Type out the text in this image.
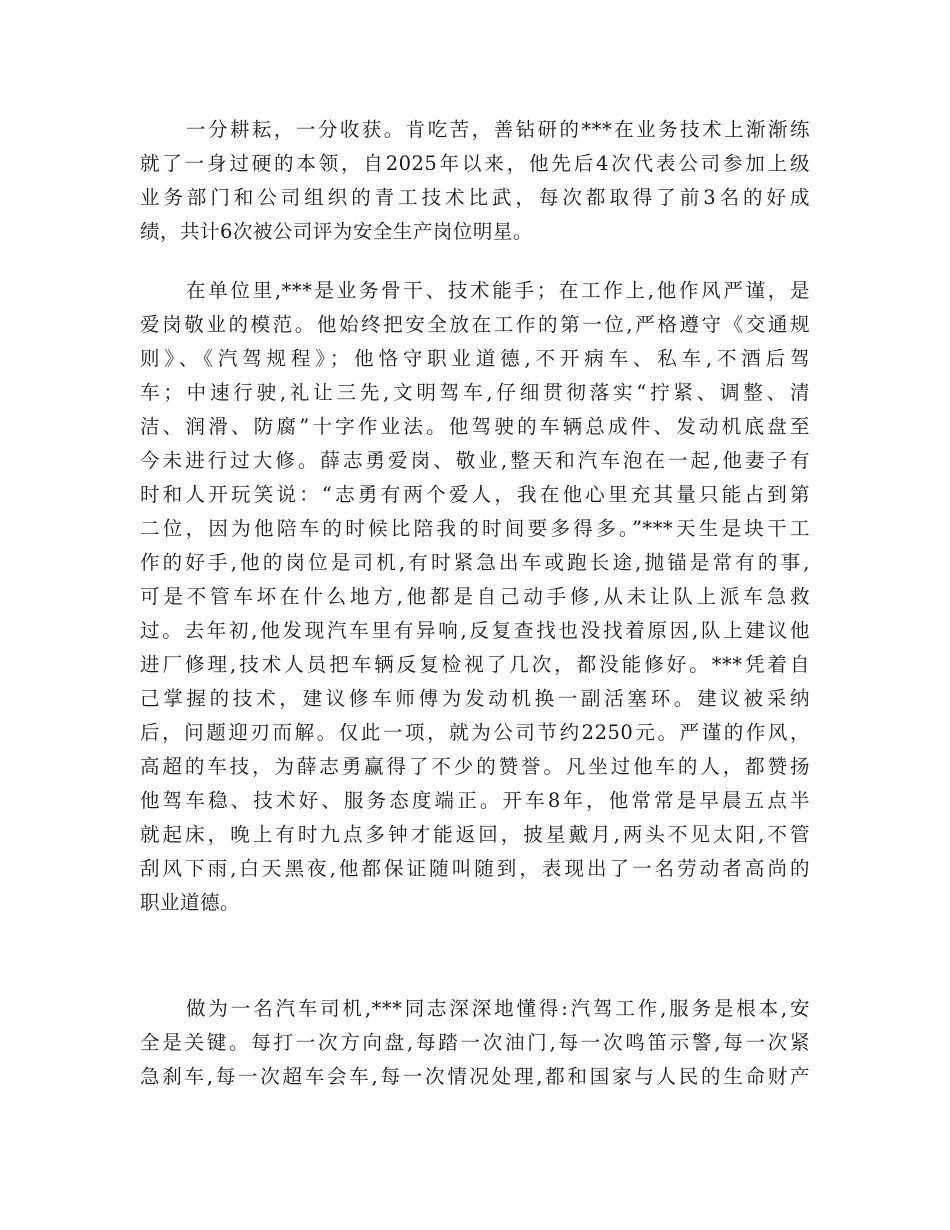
一分耕耘，一分收获。肯吃苦，善钻研的***在业务技术上渐渐练
就了一身过硬的本领，自2025年以来，他先后4次代表公司参加上级
业务部门和公司组织的青工技术比武，每次都取得了前3名的好成
绩，共计6次被公司评为安全生产岗位明星。
在单位里,***是业务骨干、技术能手；在工作上,他作风严谨，是
爱岗敬业的模范。他始终把安全放在工作的第一位,严格遵守《交通规
则》、《汽驾规程》；他恪守职业道德,不开病车、私车,不酒后驾
车；中速行驶,礼让三先,文明驾车,仔细贯彻落实“拧紧、调整、清
洁、润滑、防腐”十字作业法。他驾驶的车辆总成件、发动机底盘至
今未进行过大修。薛志勇爱岗、敬业,整天和汽车泡在一起,他妻子有
时和人开玩笑说：“志勇有两个爱人，我在他心里充其量只能占到第
二位，因为他陪车的时候比陪我的时间要多得多。”***天生是块干工
作的好手,他的岗位是司机,有时紧急出车或跑长途,抛锚是常有的事,
可是不管车坏在什么地方,他都是自己动手修,从未让队上派车急救
过。去年初,他发现汽车里有异响,反复查找也没找着原因,队上建议他
进厂修理,技术人员把车辆反复检视了几次，都没能修好。***凭着自
己掌握的技术，建议修车师傅为发动机换一副活塞环。建议被采纳
后，问题迎刃而解。仅此一项，就为公司节约2250元。严谨的作风，
高超的车技，为薛志勇赢得了不少的赞誉。凡坐过他车的人，都赞扬
他驾车稳、技术好、服务态度端正。开车8年，他常常是早晨五点半
就起床，晚上有时九点多钟才能返回，披星戴月,两头不见太阳,不管
刮风下雨,白天黑夜,他都保证随叫随到，表现出了一名劳动者高尚的
职业道德。
做为一名汽车司机,***同志深深地懂得:汽驾工作,服务是根本,安
全是关键。每打一次方向盘,每踏一次油门,每一次鸣笛示警,每一次紧
急刹车,每一次超车会车,每一次情况处理,都和国家与人民的生命财产
